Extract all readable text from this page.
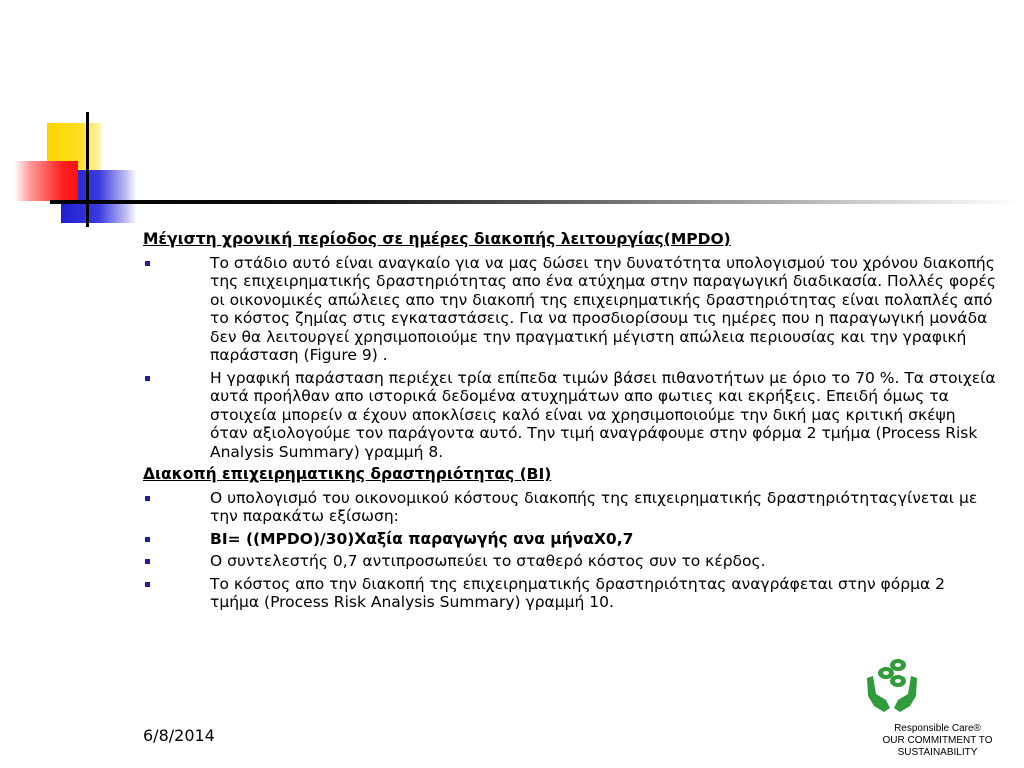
Μέγιστη χρονική περίοδος σε ημέρες διακοπής λειτουργίας(MPDO)
Το στάδιο αυτό είναι αναγκαίο για να μας δώσει την δυνατότητα υπολογισμού του χρόνου διακοπής της επιχειρηματικής δραστηριότητας απο ένα ατύχημα στην παραγωγική διαδικασία. Πολλές φορές οι οικονομικές απώλειες απο την διακοπή της επιχειρηματικής δραστηριότητας είναι πολαπλές από το κόστος ζημίας στις εγκαταστάσεις. Για να προσδιορίσουμ τις ημέρες που η παραγωγική μονάδα δεν θα λειτουργεί χρησιμοποιούμε την πραγματική μέγιστη απώλεια περιουσίας και την γραφική παράσταση (Figure 9) .
Η γραφική παράσταση περιέχει τρία επίπεδα τιμών βάσει πιθανοτήτων με όριο το 70 %. Τα στοιχεία αυτά προήλθαν απο ιστορικά δεδομένα ατυχημάτων απο φωτιες και εκρήξεις. Επειδή όμως τα στοιχεία μπορείν α έχουν αποκλίσεις καλό είναι να χρησιμοποιούμε την δική μας κριτική σκέψη όταν αξιολογούμε τον παράγοντα αυτό. Την τιμή αναγράφουμε στην φόρμα 2 τμήμα (Process Risk Analysis Summary) γραμμή 8.
Διακοπή επιχειρηματικης δραστηριότητας (BI)
Ο υπολογισμό του οικονομικού κόστους διακοπής της επιχειρηματικής δραστηριότηταςγίνεται με την παρακάτω εξίσωση:
BI= ((MPDO)/30)Χαξία παραγωγής ανα μήναX0,7
Ο συντελεστής 0,7 αντιπροσωπεύει το σταθερό κόστος συν το κέρδος.
Το κόστος απο την διακοπή της επιχειρηματικής δραστηριότητας αναγράφεται στην φόρμα 2 τμήμα (Process Risk Analysis Summary) γραμμή 10.
6/8/2014	Responsible Care®
OUR COMMITMENT TO
SUSTAINABILITY
